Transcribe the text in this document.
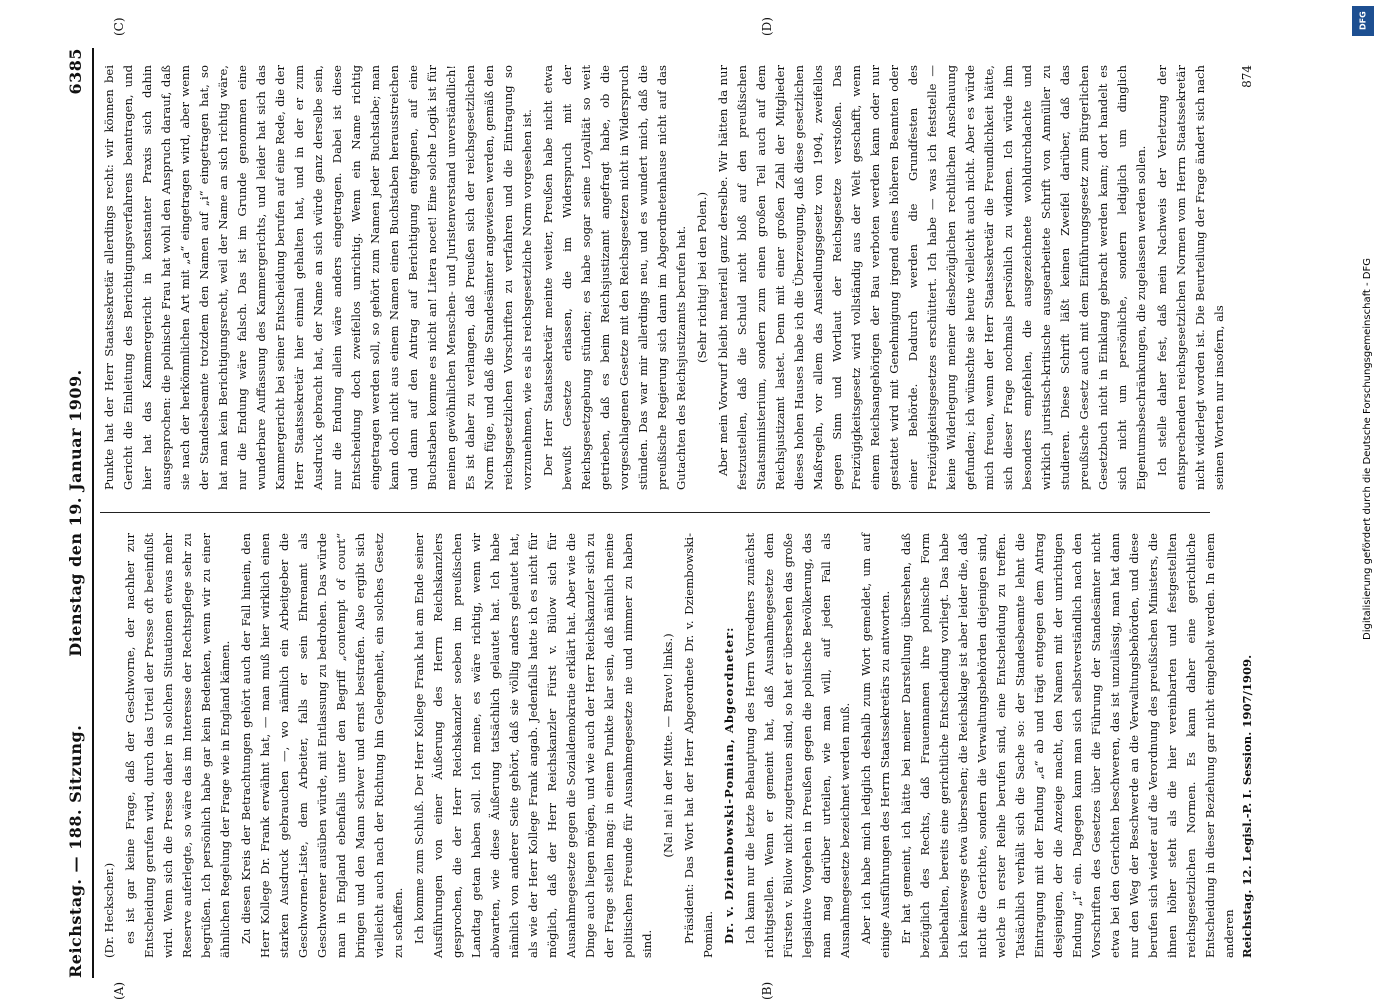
Reichstag. — 188. Sitzung.
Dienstag den 19. Januar 1909.
6385
(A)	(B)
(C)	(D)

(Dr. Heckscher.) es ist gar keine Frage, daß der Geschworne, der nachher zur Entscheidung gerufen wird, durch das Urteil der Presse oft beeinflußt wird. Wenn sich die Presse daher in solchen Situationen etwas mehr Reserve auferlegte, so wäre das im Interesse der Rechtspflege sehr zu begrüßen. Ich persönlich habe gar kein Bedenken, wenn wir zu einer ähnlichen Regelung der Frage wie in England kämen. Zu diesen Kreis der Betrachtungen gehört auch der Fall hinein, den Herr Kollege Dr. Frank erwähnt hat, — man muß hier wirklich einen starken Ausdruck gebrauchen —, wo nämlich ein Arbeitgeber die Geschwornen-Liste, dem Arbeiter, falls er sein Ehrenamt als Geschworener ausüben würde, mit Entlassung zu bedrohen. Das würde man in England ebenfalls unter den Begriff „contempt of court“ bringen und den Mann schwer und ernst bestrafen. Also ergibt sich vielleicht auch nach der Richtung hin Gelegenheit, ein solches Gesetz zu schaffen. Ich komme zum Schluß. Der Herr Kollege Frank hat am Ende seiner Ausführungen von einer Äußerung des Herrn Reichskanzlers gesprochen, die der Herr Reichskanzler soeben im preußischen Landtag getan haben soll. Ich meine, es wäre richtig, wenn wir abwarten, wie diese Äußerung tatsächlich gelautet hat. Ich habe nämlich von anderer Seite gehört, daß sie völlig anders gelautet hat, als wie der Herr Kollege Frank angab. Jedenfalls hatte ich es nicht für möglich, daß der Herr Reichskanzler Fürst v. Bülow sich für Ausnahmegesetze gegen die Sozialdemokratie erklärt hat. Aber wie die Dinge auch liegen mögen, und wie auch der Herr Reichskanzler sich zu der Frage stellen mag: in einem Punkte klar sein, daß nämlich meine politischen Freunde für Ausnahmegesetze nie und nimmer zu haben sind.

(Na! na! in der Mitte. — Bravo! links.) Präsident: Das Wort hat der Herr Abgeordnete Dr. v. Dziembowski-Pomian. Dr. v. Dziembowski-Pomian, Abgeordneter: Ich kann nur die letzte Behauptung des Herrn Vorredners zunächst richtigstellen. Wenn er gemeint hat, daß Ausnahmegesetze dem Fürsten v. Bülow nicht zugetrauen sind, so hat er übersehen das große legislative Vorgehen in Preußen gegen die polnische Bevölkerung, das man mag darüber urteilen, wie man will, auf jeden Fall als Ausnahmegesetze bezeichnet werden muß. Aber ich habe mich lediglich deshalb zum Wort gemeldet, um auf einige Ausführungen des Herrn Staatssekretärs zu antworten. Er hat gemeint, ich hätte bei meiner Darstellung übersehen, daß bezüglich des Rechts, daß Frauennamen ihre polnische Form beibehalten, bereits eine gerichtliche Entscheidung vorliegt. Das habe ich keineswegs etwa übersehen; die Reichsklage ist aber leider die, daß nicht die Gerichte, sondern die Verwaltungsbehörden diejenigen sind, welche in erster Reihe berufen sind, eine Entscheidung zu treffen. Tatsächlich verhält sich die Sache so: der Standesbeamte lehnt die Eintragung mit der Endung „a“ ab und trägt entgegen dem Antrag desjenigen, der die Anzeige macht, den Namen mit der unrichtigen Endung „i“ ein. Dagegen kann man sich selbstverständlich nach den Vorschriften des Gesetzes über die Führung der Standesämter nicht etwa bei den Gerichten beschweren, das ist unzulässig, man hat dann nur den Weg der Beschwerde an die Verwaltungsbehörden, und diese berufen sich wieder auf die Verordnung des preußischen Ministers, die ihnen höher steht als die hier vereinbarten und festgestellten reichsgesetzlichen Normen. Es kann daher eine gerichtliche Entscheidung in dieser Beziehung gar nicht eingeholt werden. In einem anderen

Punkte hat der Herr Staatssekretär allerdings recht: wir können bei Gericht die Einleitung des Berichtigungsverfahrens beantragen, und hier hat das Kammergericht in konstanter Praxis sich dahin ausgesprochen: die polnische Frau hat wohl den Anspruch darauf, daß sie nach der herkömmlichen Art mit „a“ eingetragen wird, aber wenn der Standesbeamte trotzdem den Namen auf „i“ eingetragen hat, so hat man kein Berichtigungsrecht, weil der Name an sich richtig wäre, nur die Endung wäre falsch. Das ist im Grunde genommen eine wunderbare Auffassung des Kammergerichts, und leider hat sich das Kammergericht bei seiner Entscheidung berufen auf eine Rede, die der Herr Staatssekretär hier einmal gehalten hat, und in der er zum Ausdruck gebracht hat, der Name an sich würde ganz derselbe sein, nur die Endung allein wäre anders eingetragen. Dabei ist diese Entscheidung doch zweifellos unrichtig. Wenn ein Name richtig eingetragen werden soll, so gehört zum Namen jeder Buchstabe; man kann doch nicht aus einem Namen einen Buchstaben herausstreichen und dann auf den Antrag auf Berichtigung entgegnen, auf eine Buchstaben komme es nicht an! Litera nocet! Eine solche Logik ist für meinen gewöhnlichen Menschen- und Juristenverstand unverständlich! Es ist daher zu verlangen, daß Preußen sich der reichsgesetzlichen Norm füge, und daß die Standesämter angewiesen werden, gemäß den reichsgesetzlichen Vorschriften zu verfahren und die Eintragung so vorzunehmen, wie es als reichsgesetzliche Norm vorgesehen ist. Der Herr Staatssekretär meinte weiter, Preußen habe nicht etwa bewußt Gesetze erlassen, die im Widerspruch mit der Reichsgesetzgebung stünden; es habe sogar seine Loyalität so weit getrieben, daß es beim Reichsjustizamt angefragt habe, ob die vorgeschlagenen Gesetze mit den Reichsgesetzen nicht in Widerspruch stünden. Das war mir allerdings neu, und es wundert mich, daß die preußische Regierung sich dann im Abgeordnetenhause nicht auf das Gutachten des Reichsjustizamts berufen hat. (Sehr richtig! bei den Polen.) Aber mein Vorwurf bleibt materiell ganz derselbe. Wir hätten da nur festzustellen, daß die Schuld nicht bloß auf den preußischen Staatsministerium, sondern zum einen großen Teil auch auf dem Reichsjustizamt lastet. Denn mit einer großen Zahl der Mitglieder dieses hohen Hauses habe ich die Überzeugung, daß diese gesetzlichen Maßregeln, vor allem das Ansiedlungsgesetz von 1904, zweifellos gegen Sinn und Wortlaut der Reichsgesetze verstoßen. Das Freizügigkeitsgesetz wird vollständig aus der Welt geschafft, wenn einem Reichsangehörigen der Bau verboten werden kann oder nur gestattet wird mit Genehmigung irgend eines höheren Beamten oder einer Behörde. Dadurch werden die Grundfesten des Freizügigkeitsgesetzes erschüttert. Ich habe — was ich feststelle — keine Widerlegung meiner diesbezüglichen rechtlichen Anschauung gefunden; ich wünschte sie heute vielleicht auch nicht. Aber es würde mich freuen, wenn der Herr Staatssekretär die Freundlichkeit hätte, sich dieser Frage nochmals persönlich zu widmen. Ich würde ihm besonders empfehlen, die ausgezeichnete wohldurchdachte und wirklich juristisch-kritische ausgearbeitete Schrift von Anmüller zu studieren. Diese Schrift läßt keinen Zweifel darüber, daß das preußische Gesetz auch mit dem Einführungsgesetz zum Bürgerlichen Gesetzbuch nicht in Einklang gebracht werden kann; dort handelt es sich nicht um persönliche, sondern lediglich um dinglich Eigentumsbeschränkungen, die zugelassen werden sollen. Ich stelle daher fest, daß mein Nachweis der Verletzung der entsprechenden reichsgesetzlichen Normen vom Herrn Staatssekretär nicht widerlegt worden ist. Die Beurteilung der Frage ändert sich nach seinen Worten nur insofern, als

Reichstag. 12. Legisl.-P. I. Session. 1907/1909.
874
DFG
Digitalisierung gefördert durch die Deutsche Forschungsgemeinschaft - DFG
